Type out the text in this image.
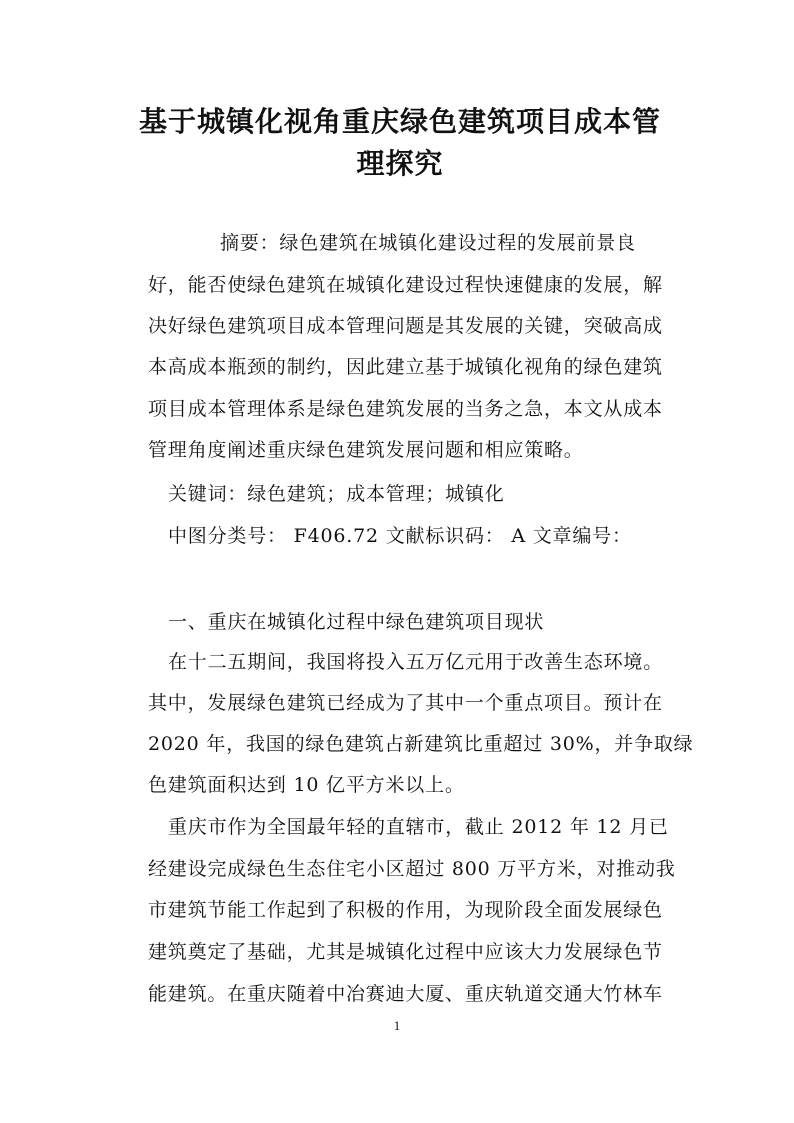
基于城镇化视角重庆绿色建筑项目成本管
理探究
摘要：绿色建筑在城镇化建设过程的发展前景良
好，能否使绿色建筑在城镇化建设过程快速健康的发展，解
决好绿色建筑项目成本管理问题是其发展的关键，突破高成
本高成本瓶颈的制约，因此建立基于城镇化视角的绿色建筑
项目成本管理体系是绿色建筑发展的当务之急，本文从成本
管理角度阐述重庆绿色建筑发展问题和相应策略。
关键词：绿色建筑；成本管理；城镇化
中图分类号： F406.72 文献标识码： A 文章编号：
一、重庆在城镇化过程中绿色建筑项目现状
在十二五期间，我国将投入五万亿元用于改善生态环境。
其中，发展绿色建筑已经成为了其中一个重点项目。预计在
2020 年，我国的绿色建筑占新建筑比重超过 30%，并争取绿
色建筑面积达到 10 亿平方米以上。
重庆市作为全国最年轻的直辖市，截止 2012 年 12 月已
经建设完成绿色生态住宅小区超过 800 万平方米，对推动我
市建筑节能工作起到了积极的作用，为现阶段全面发展绿色
建筑奠定了基础，尤其是城镇化过程中应该大力发展绿色节
能建筑。在重庆随着中冶赛迪大厦、重庆轨道交通大竹林车
1
